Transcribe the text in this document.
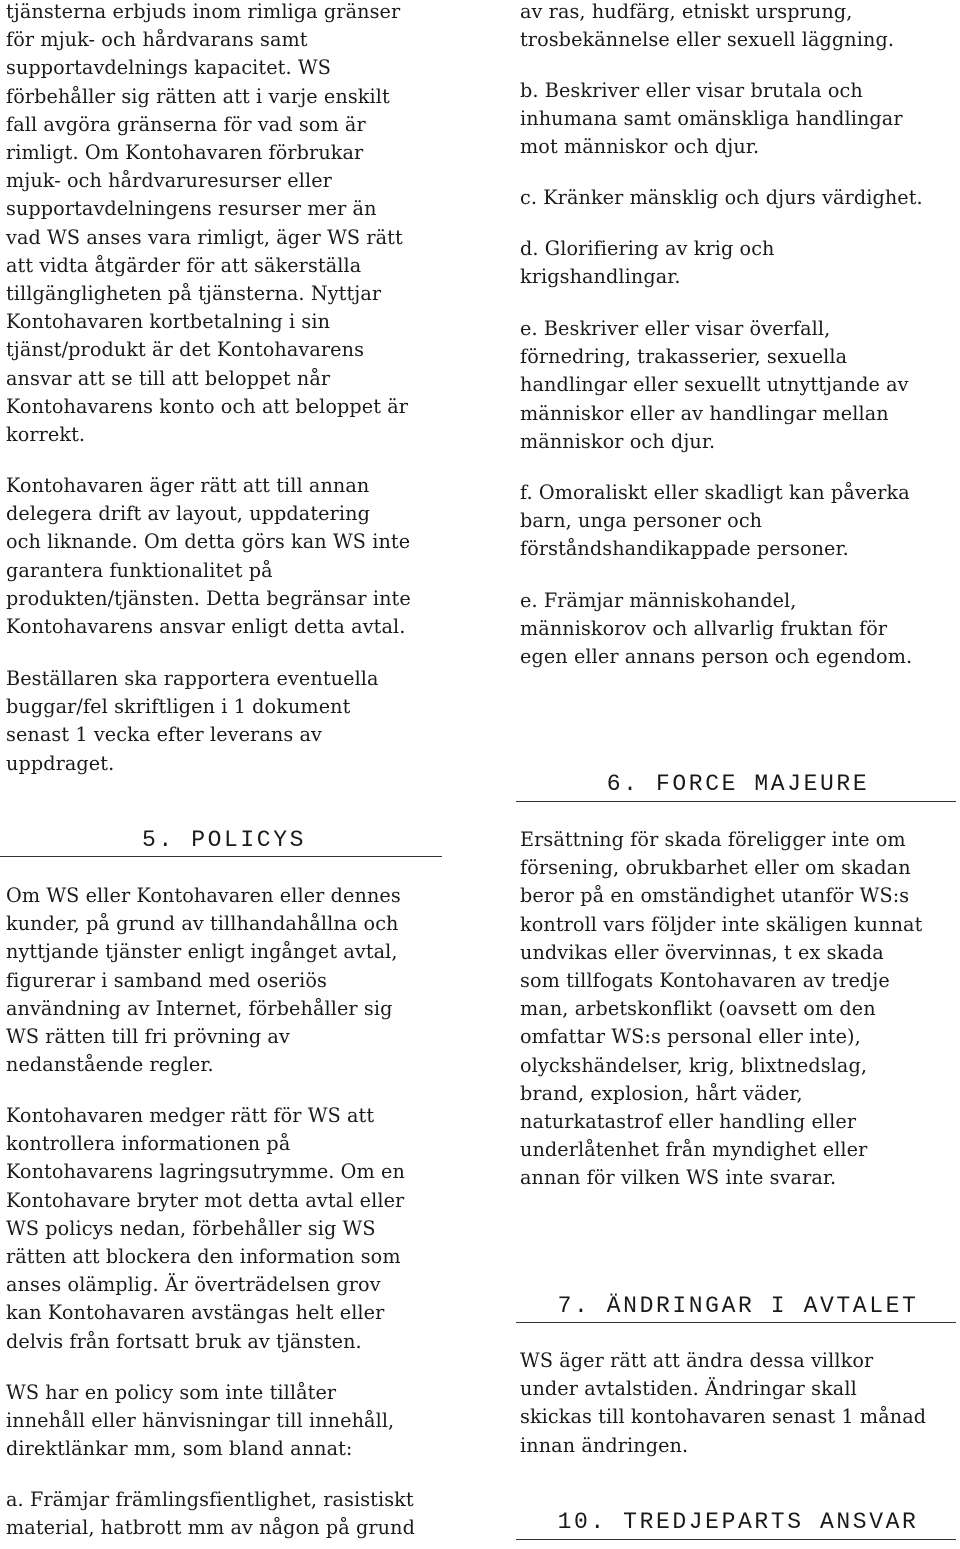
tjänsterna erbjuds inom rimliga gränser
för mjuk- och hårdvarans samt
supportavdelnings kapacitet. WS
förbehåller sig rätten att i varje enskilt
fall avgöra gränserna för vad som är
rimligt. Om Kontohavaren förbrukar
mjuk- och hårdvaruresurser eller
supportavdelningens resurser mer än
vad WS anses vara rimligt, äger WS rätt
att vidta åtgärder för att säkerställa
tillgängligheten på tjänsterna. Nyttjar
Kontohavaren kortbetalning i sin
tjänst/produkt är det Kontohavarens
ansvar att se till att beloppet når
Kontohavarens konto och att beloppet är
korrekt.

Kontohavaren äger rätt att till annan
delegera drift av layout, uppdatering
och liknande. Om detta görs kan WS inte
garantera funktionalitet på
produkten/tjänsten. Detta begränsar inte
Kontohavarens ansvar enligt detta avtal.

Beställaren ska rapportera eventuella
buggar/fel skriftligen i 1 dokument
senast 1 vecka efter leverans av
uppdraget.

5. POLICYS

Om WS eller Kontohavaren eller dennes
kunder, på grund av tillhandahållna och
nyttjande tjänster enligt ingånget avtal,
figurerar i samband med oseriös
användning av Internet, förbehåller sig
WS rätten till fri prövning av
nedanstående regler.

Kontohavaren medger rätt för WS att
kontrollera informationen på
Kontohavarens lagringsutrymme. Om en
Kontohavare bryter mot detta avtal eller
WS policys nedan, förbehåller sig WS
rätten att blockera den information som
anses olämplig. Är överträdelsen grov
kan Kontohavaren avstängas helt eller
delvis från fortsatt bruk av tjänsten.

WS har en policy som inte tillåter
innehåll eller hänvisningar till innehåll,
direktlänkar mm, som bland annat:

a. Främjar främlingsfientlighet, rasistiskt
material, hatbrott mm av någon på grund

av ras, hudfärg, etniskt ursprung,
trosbekännelse eller sexuell läggning.

b. Beskriver eller visar brutala och
inhumana samt omänskliga handlingar
mot människor och djur.

c. Kränker mänsklig och djurs värdighet.

d. Glorifiering av krig och
krigshandlingar.

e. Beskriver eller visar överfall,
förnedring, trakasserier, sexuella
handlingar eller sexuellt utnyttjande av
människor eller av handlingar mellan
människor och djur.

f. Omoraliskt eller skadligt kan påverka
barn, unga personer och
förståndshandikappade personer.

e. Främjar människohandel,
människorov och allvarlig fruktan för
egen eller annans person och egendom.

6. FORCE MAJEURE

Ersättning för skada föreligger inte om
försening, obrukbarhet eller om skadan
beror på en omständighet utanför WS:s
kontroll vars följder inte skäligen kunnat
undvikas eller övervinnas, t ex skada
som tillfogats Kontohavaren av tredje
man, arbetskonflikt (oavsett om den
omfattar WS:s personal eller inte),
olyckshändelser, krig, blixtnedslag,
brand, explosion, hårt väder,
naturkatastrof eller handling eller
underlåtenhet från myndighet eller
annan för vilken WS inte svarar.

7. ÄNDRINGAR I AVTALET

WS äger rätt att ändra dessa villkor
under avtalstiden. Ändringar skall
skickas till kontohavaren senast 1 månad
innan ändringen.

10. TREDJEPARTS ANSVAR
